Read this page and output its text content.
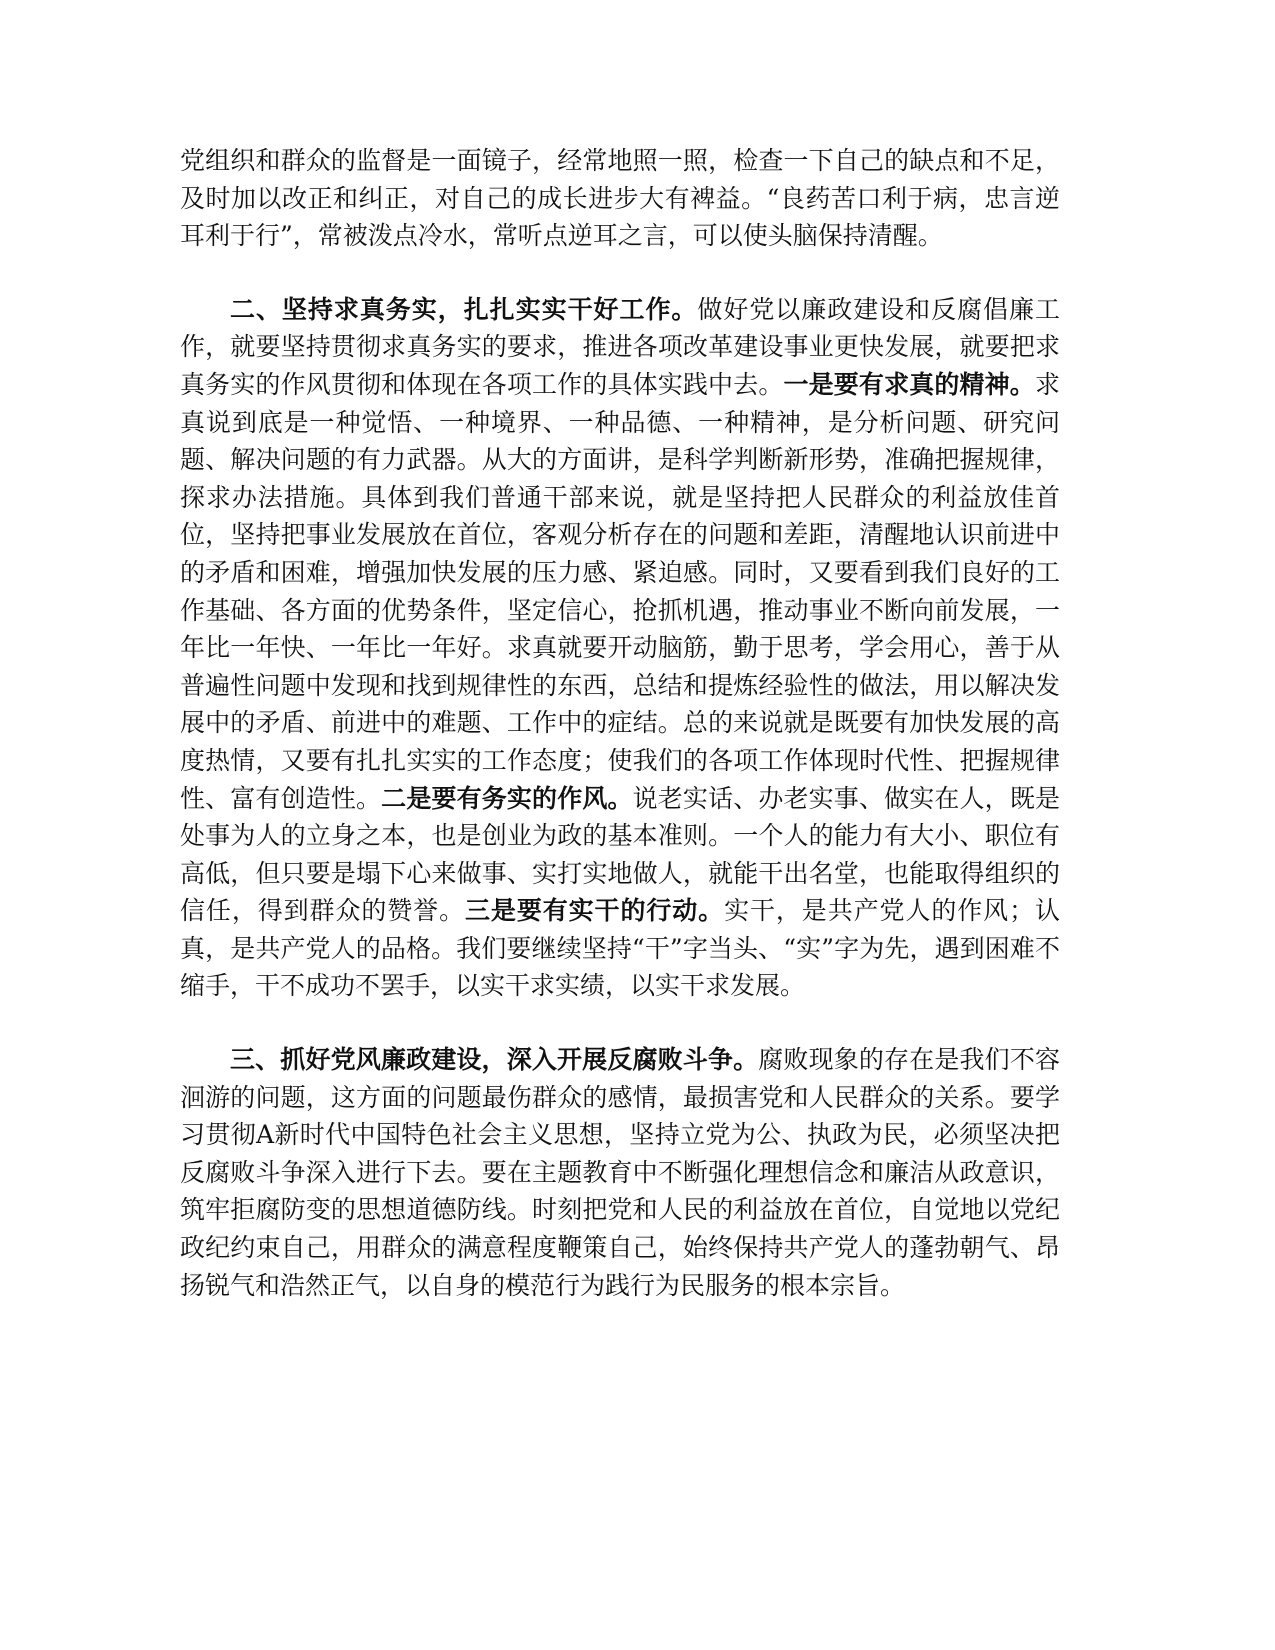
党组织和群众的监督是一面镜子，经常地照一照，检查一下自己的缺点和不足，及时加以改正和纠正，对自己的成长进步大有裨益。“良药苦口利于病，忠言逆耳利于行”，常被泼点冷水，常听点逆耳之言，可以使头脑保持清醒。

二、坚持求真务实，扎扎实实干好工作。做好党以廉政建设和反腐倡廉工作，就要坚持贯彻求真务实的要求，推进各项改革建设事业更快发展，就要把求真务实的作风贯彻和体现在各项工作的具体实践中去。一是要有求真的精神。求真说到底是一种觉悟、一种境界、一种品德、一种精神，是分析问题、研究问题、解决问题的有力武器。从大的方面讲，是科学判断新形势，准确把握规律，探求办法措施。具体到我们普通干部来说，就是坚持把人民群众的利益放佳首位，坚持把事业发展放在首位，客观分析存在的问题和差距，清醒地认识前进中的矛盾和困难，增强加快发展的压力感、紧迫感。同时，又要看到我们良好的工作基础、各方面的优势条件，坚定信心，抢抓机遇，推动事业不断向前发展，一年比一年快、一年比一年好。求真就要开动脑筋，勤于思考，学会用心，善于从普遍性问题中发现和找到规律性的东西，总结和提炼经验性的做法，用以解决发展中的矛盾、前进中的难题、工作中的症结。总的来说就是既要有加快发展的高度热情，又要有扎扎实实的工作态度；使我们的各项工作体现时代性、把握规律性、富有创造性。二是要有务实的作风。说老实话、办老实事、做实在人，既是处事为人的立身之本，也是创业为政的基本准则。一个人的能力有大小、职位有高低，但只要是塌下心来做事、实打实地做人，就能干出名堂，也能取得组织的信任，得到群众的赞誉。三是要有实干的行动。实干，是共产党人的作风；认真，是共产党人的品格。我们要继续坚持“干”字当头、“实”字为先，遇到困难不缩手，干不成功不罢手，以实干求实绩，以实干求发展。

三、抓好党风廉政建设，深入开展反腐败斗争。腐败现象的存在是我们不容洄游的问题，这方面的问题最伤群众的感情，最损害党和人民群众的关系。要学习贯彻A新时代中国特色社会主义思想，坚持立党为公、执政为民，必须坚决把反腐败斗争深入进行下去。要在主题教育中不断强化理想信念和廉洁从政意识，筑牢拒腐防变的思想道德防线。时刻把党和人民的利益放在首位，自觉地以党纪政纪约束自己，用群众的满意程度鞭策自己，始终保持共产党人的蓬勃朝气、昂扬锐气和浩然正气，以自身的模范行为践行为民服务的根本宗旨。
